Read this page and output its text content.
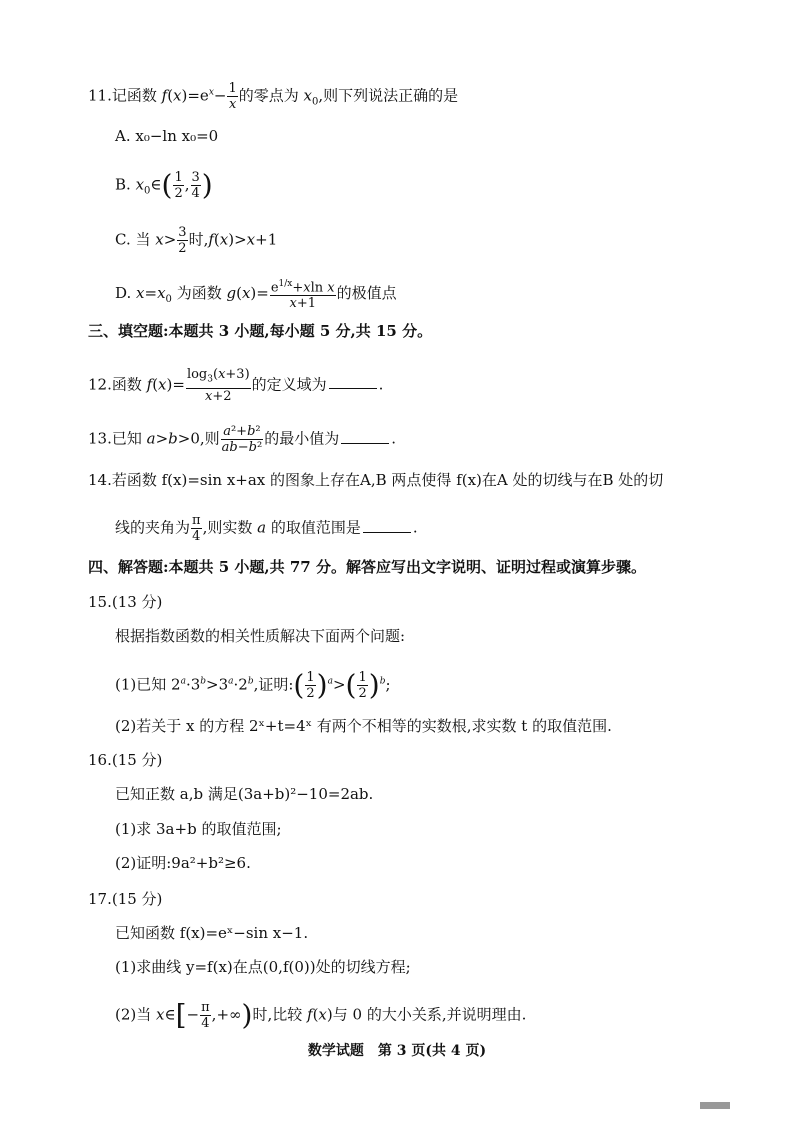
11.记函数 $f(x)=e^x- \frac{1}{x}$ 的零点为 $x_0$,则下列说法正确的是
A. x₀−ln x₀=0
B. $x_0\in( \frac{1}{2}$ , $\frac{3}{4}$ )
C. 当 $x> \frac{3}{2}$ 时,f(x)>x+1
D. $x=x_0$ 为函数 $g(x)= \frac{e^{1/x}+xln x}{x+1}$ 的极值点
三、填空题:本题共 3 小题,每小题 5 分,共 15 分。
12.函数 $f(x)= \frac{\log_3(x+3)}{x+2}$ 的定义域为	.
13.已知 a>b>0,则 $\frac{\text{a²+b²}}{\text{ab−b²}}$ 的最小值为	.
14.若函数 f(x)=sin x+ax 的图象上存在A,B 两点使得 f(x)在A 处的切线与在B 处的切
线的夹角为 $\frac{\pi}{4}$ ,则实数 a 的取值范围是	.
四、解答题:本题共 5 小题,共 77 分。解答应写出文字说明、证明过程或演算步骤。
15.(13 分)
根据指数函数的相关性质解决下面两个问题:
(1)已知 $2^a\cdot 3^b>3^a\cdot 2^b$,证明:( $\frac{1}{2} )^a>( \frac{1}{2} )^b$;
(2)若关于 x 的方程 2ˣ+t=4ˣ 有两个不相等的实数根,求实数 t 的取值范围.
16.(15 分)
已知正数 a,b 满足(3a+b)²−10=2ab.
(1)求 3a+b 的取值范围;
(2)证明:9a²+b²≥6.
17.(15 分)
已知函数 f(x)=eˣ−sin x−1.
(1)求曲线 y=f(x)在点(0,f(0))处的切线方程;
(2)当 x∈[− $\frac{\pi}{4}$ ,+∞)时,比较 f(x)与 0 的大小关系,并说明理由.
数学试题　第 3 页(共 4 页)
